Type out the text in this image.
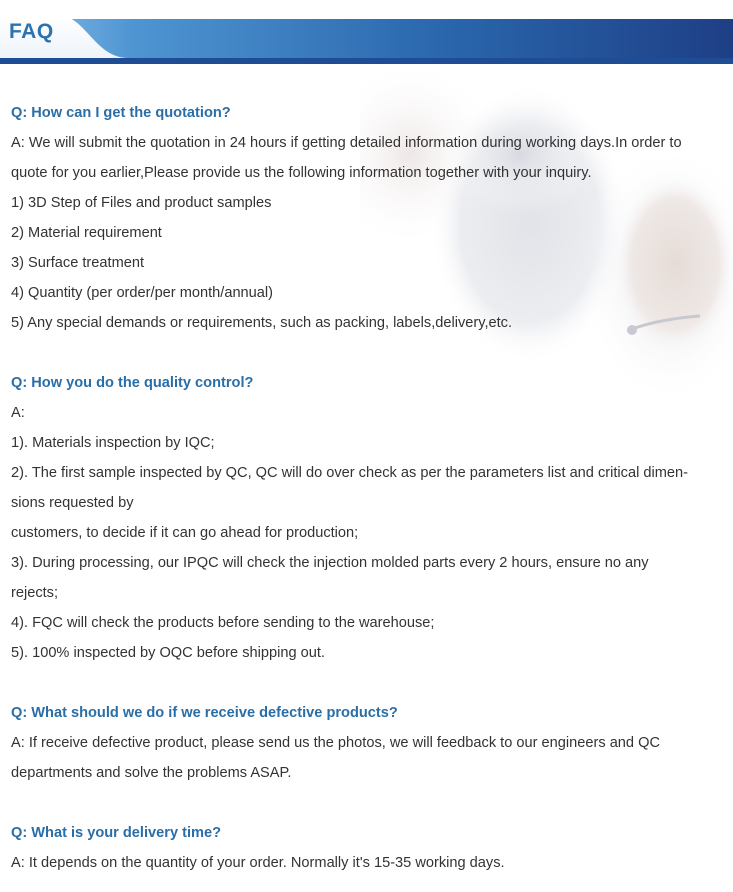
FAQ
Q: How can I get the quotation?
A: We will submit the quotation in 24 hours if getting detailed information during working days.In order to
quote for you earlier,Please provide us the following information together with your inquiry.
1) 3D Step of Files and product samples
2) Material requirement
3) Surface treatment
4) Quantity (per order/per month/annual)
5) Any special demands or requirements, such as packing, labels,delivery,etc.
Q: How you do the quality control?
A:
1). Materials inspection by IQC;
2). The first sample inspected by QC, QC will do over check as per the parameters list and critical dimen-
sions requested by
customers, to decide if it can go ahead for production;
3). During processing, our IPQC will check the injection molded parts every 2 hours, ensure no any
rejects;
4). FQC will check the products before sending to the warehouse;
5). 100% inspected by OQC before shipping out.
Q: What should we do if we receive defective products?
A: If receive defective product, please send us the photos, we will feedback to our engineers and QC
departments and solve the problems ASAP.
Q: What is your delivery time?
A: It depends on the quantity of your order. Normally it's 15-35 working days.
